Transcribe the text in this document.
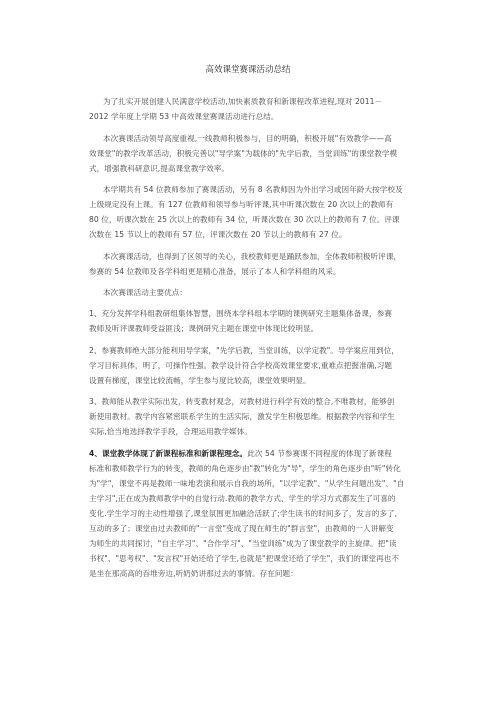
高效课堂赛课活动总结
为了扎实开展创建人民满意学校活动,加快素质教育和新课程改革进程,现对 2011－
2012 学年度上学期 53 中高效课堂赛课活动进行总结。
本次赛课活动领导高度重视,一线教师积极参与，目的明确，积极开展"有效教学——高
效课堂"的教学改革活动，积极完善以"导学案"为载体的"先学后教，当堂训练"的课堂教学模
式，增强教科研意识,提高课堂教学效率。
本学期共有 54 位教师参加了赛课活动，另有 8 名教师因为外出学习或因年龄大按学校及
上级规定没有上课。有 127 位教师和领导参与听评课,其中听课次数在 20 次以上的教师有
80 位，听课次数在 25 次以上的教师有 34 位，听课次数在 30 次以上的教师有 7 位。评课
次数在 15 节以上的教师有 57 位，评课次数在 20 节以上的教师有 27 位。
本次赛课活动，也得到了区领导的关心，我校教师更是踊跃参加，全体教师积极听评课，
参赛的 54 位教师及各学科组更是精心准备，展示了本人和学科组的风采。
本次赛课活动主要优点：
1、充分发挥学科组教研组集体智慧，围绕本学科组本学期的课例研究主题集体备课，参赛
教师及听评课教师受益匪浅；课例研究主题在课堂中体现比较明显。
2、参赛教师绝大部分能利用导学案，"先学后教，当堂训练，以学定教"。导学案应用到位，
学习目标具体，明了，可操作性强。教学设计符合学校高效课堂要求,重难点把握准确,习题
设置有梯度，课堂比较流畅，学生参与度比较高，课堂效果明显。
3、教师能从教学实际出发，转变教材观念，对教材进行科学有效的整合,不唯教材，能够创
新使用教材。教学内容紧密联系学生的生活实际，激发学生积极思维。根据教学内容和学生
实际,恰当地选择教学手段，合理运用教学媒体。
4、课堂教学体现了新课程标准和新课程理念。此次 54 节参赛课不同程度的体现了新课程
标准和教师教学行为的转变，教师的角色逐步由"教"转化为"导"，学生的角色逐步由"听"转化
为"学"，课堂不再是教师一味地表演和展示自我的场所，"以学定教"、"从学生问题出发"、"自
主学习",正在成为教师教学中的自觉行动.教师的教学方式、学生的学习方式都发生了可喜的
变化.学生学习的主动性增强了,课堂氛围更加融洽活跃了;学生读书的时间多了，发言的多了,
互动的多了；课堂由过去教师的"一言堂"变成了现在师生的"群言堂"，由教师的一人讲解变
为师生的共同探讨，"自主学习"、"合作学习"、"当堂训练"成为了课堂教学的主旋律。把"读
书权"、"思考权"、"发言权"开始还给了学生,也就是"把课堂还给了学生"，我们的课堂再也不
是坐在那高高的吞堆旁边,听奶奶讲那过去的事情。存在问题：
